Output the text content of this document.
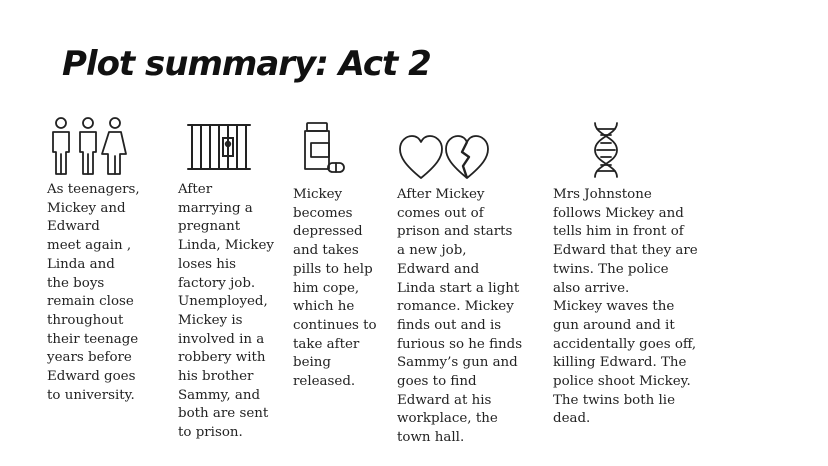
Plot summary: Act 2

As teenagers,
Mickey and
Edward
meet again ,
Linda and
the boys
remain close
throughout
their teenage
years before
Edward goes
to university.

After
marrying a
pregnant
Linda, Mickey
loses his
factory job.
Unemployed,
Mickey is
involved in a
robbery with
his brother
Sammy, and
both are sent
to prison.

Mickey
becomes
depressed
and takes
pills to help
him cope,
which he
continues to
take after
being
released.

After Mickey
comes out of
prison and starts
a new job,
Edward and
Linda start a light
romance. Mickey
finds out and is
furious so he finds
Sammy’s gun and
goes to find
Edward at his
workplace, the
town hall.

Mrs Johnstone
follows Mickey and
tells him in front of
Edward that they are
twins. The police
also arrive.
Mickey waves the
gun around and it
accidentally goes off,
killing Edward. The
police shoot Mickey.
The twins both lie
dead.
